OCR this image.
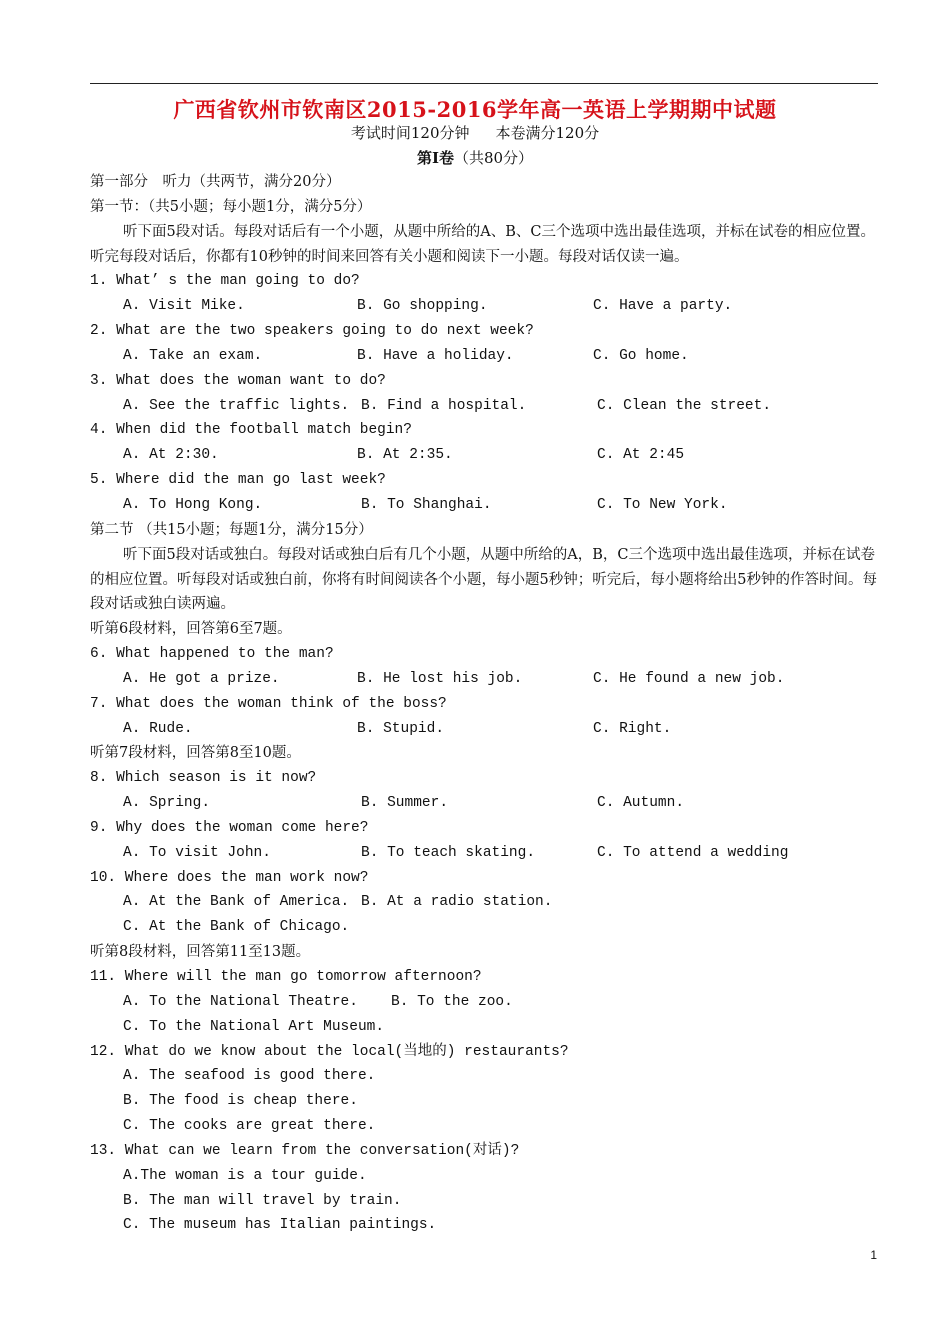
广西省钦州市钦南区2015-2016学年高一英语上学期期中试题
考试时间120分钟 本卷满分120分
第Ⅰ卷（共80分）
第一部分　听力（共两节，满分20分）
第一节：（共5小题；每小题1分，满分5分）
听下面5段对话。每段对话后有一个小题，从题中所给的A、B、C三个选项中选出最佳选项，并标在试卷的相应位置。听完每段对话后，你都有10秒钟的时间来回答有关小题和阅读下一小题。每段对话仅读一遍。
1. What’ s the man going to do?
A. Visit Mike.	B. Go shopping.	C. Have a party.
2. What are the two speakers going to do next week?
A. Take an exam.	B. Have a holiday.	C. Go home.
3. What does the woman want to do?
A. See the traffic lights. B. Find a hospital.	C. Clean the street.
4. When did the football match begin?
A. At 2:30.	B. At 2:35.	C. At 2:45
5. Where did the man go last week?
A. To Hong Kong.	B. To Shanghai.	C. To New York.
第二节 （共15小题；每题1分，满分15分）
听下面5段对话或独白。每段对话或独白后有几个小题，从题中所给的A，B，C三个选项中选出最佳选项，并标在试卷的相应位置。听每段对话或独白前，你将有时间阅读各个小题，每小题5秒钟；听完后，每小题将给出5秒钟的作答时间。每段对话或独白读两遍。
听第6段材料，回答第6至7题。
6. What happened to the man?
A. He got a prize.	B. He lost his job.	C. He found a new job.
7. What does the woman think of the boss?
A. Rude.	B. Stupid.	C. Right.
听第7段材料，回答第8至10题。
8. Which season is it now?
A. Spring.	B. Summer.	C. Autumn.
9. Why does the woman come here?
A. To visit John.	B. To teach skating.	C. To attend a wedding
10. Where does the man work now?
A. At the Bank of America. B. At a radio station.
C. At the Bank of Chicago.
听第8段材料，回答第11至13题。
11. Where will the man go tomorrow afternoon?
A. To the National Theatre.	B. To the zoo.
C. To the National Art Museum.
12. What do we know about the local(当地的) restaurants?
A. The seafood is good there.
B. The food is cheap there.
C. The cooks are great there.
13. What can we learn from the conversation(对话)?
A.The woman is a tour guide.
B. The man will travel by train.
C. The museum has Italian paintings.
1
